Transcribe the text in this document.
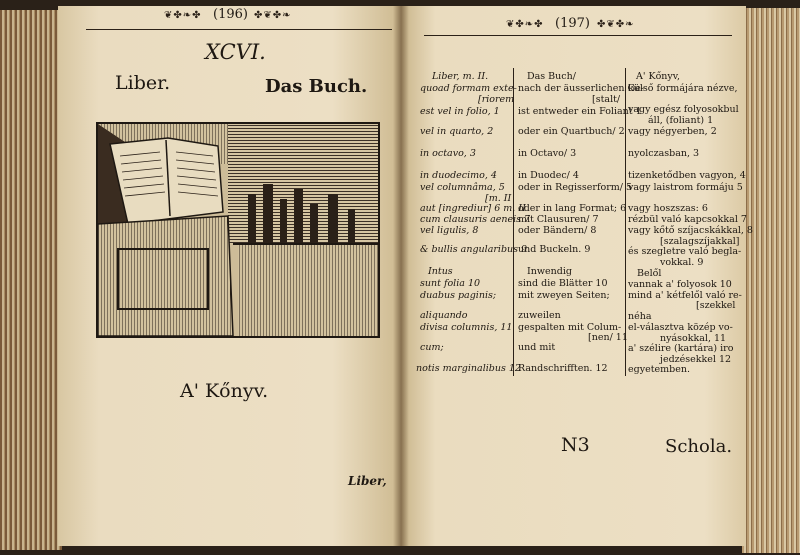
❦✤❧✤ (196) ✤❦✤❧
XCVI.
Liber.	Das Buch.
A' Kőnyv.
Liber,
❦✤❧✤ (197) ✤❦✤❧
Liber, m. II.
quoad formam exte-
[riorem
est vel in folio, 1
vel in quarto, 2
in octavo, 3
in duodecimo, 4
vel columnâma, 5
[m. II
aut [ingrediur] 6 m. II
cum clausuris aeneis 7
vel ligulis, 8
& bullis angularibus 9
Intus
sunt folia 10
duabus paginis;
aliquando
divisa columnis, 11
cum;
notis marginalibus 12
Das Buch/
nach der äusserlichen Ge-
[stalt/
ist entweder ein Foliant 1
oder ein Quartbuch/ 2
in Octavo/ 3
in Duodec/ 4
oder in Regisserform/ 5
oder in lang Format; 6
mit Clausuren/ 7
oder Bändern/ 8
und Buckeln. 9
Inwendig
sind die Blätter 10
mit zweyen Seiten;
zuweilen
gespalten mit Colum-
[nen/ 11
und mit
Randschrifften. 12
A' Kőnyv,
külső formájára nézve,
vagy egész folyosokbul
áll, (foliant) 1
vagy négyerben, 2
nyolczasban, 3
tizenketődben vagyon, 4
vagy laistrom formáju 5
vagy hoszszas: 6
rézbül való kapcsokkal 7
vagy kőtő szíjacskákkal, 8
[szalagszíjakkal]
és szegletre való begla-
vokkal. 9
Belől
vannak a' folyosok 10
mind a' kétfelől való re-
[szekkel
néha
el-választva közép vo-
nyásokkal, 11
a' szélire (kartára) iro
jedzésekkel 12
egyetemben.
N3	Schola.
